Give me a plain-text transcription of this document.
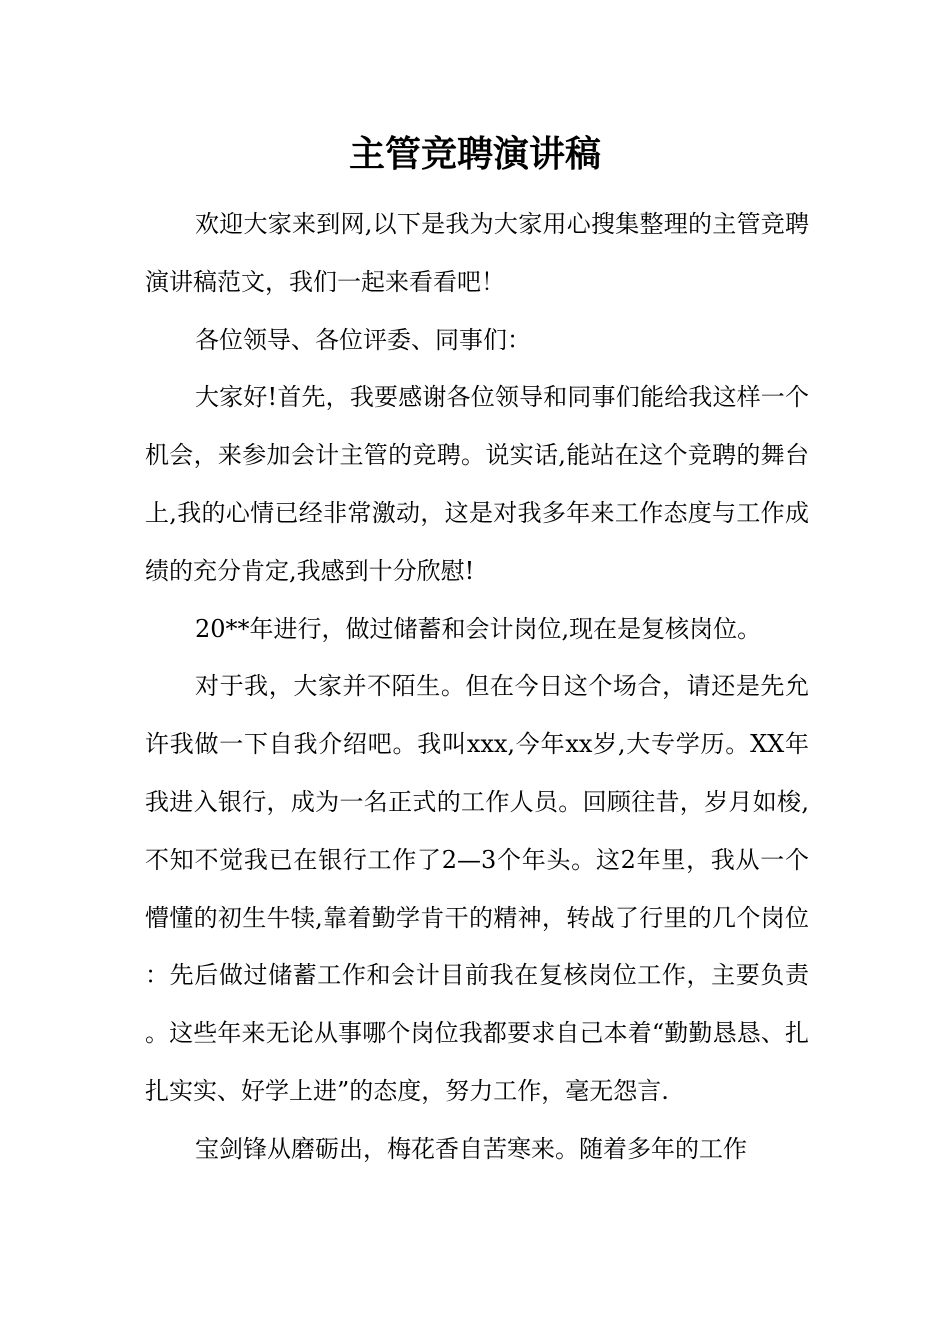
主管竞聘演讲稿

欢迎大家来到网,以下是我为大家用心搜集整理的主管竞聘演讲稿范文，我们一起来看看吧！

各位领导、各位评委、同事们：

大家好!首先，我要感谢各位领导和同事们能给我这样一个机会，来参加会计主管的竞聘。说实话,能站在这个竞聘的舞台上,我的心情已经非常激动，这是对我多年来工作态度与工作成绩的充分肯定,我感到十分欣慰!

20**年进行，做过储蓄和会计岗位,现在是复核岗位。

对于我，大家并不陌生。但在今日这个场合，请还是先允许我做一下自我介绍吧。我叫xxx,今年xx岁,大专学历。XX年我进入银行，成为一名正式的工作人员。回顾往昔，岁月如梭,不知不觉我已在银行工作了2—3个年头。这2年里，我从一个懵懂的初生牛犊,靠着勤学肯干的精神，转战了行里的几个岗位：先后做过储蓄工作和会计目前我在复核岗位工作，主要负责。这些年来无论从事哪个岗位我都要求自己本着“勤勤恳恳、扎扎实实、好学上进”的态度，努力工作，毫无怨言.

宝剑锋从磨砺出，梅花香自苦寒来。随着多年的工作
